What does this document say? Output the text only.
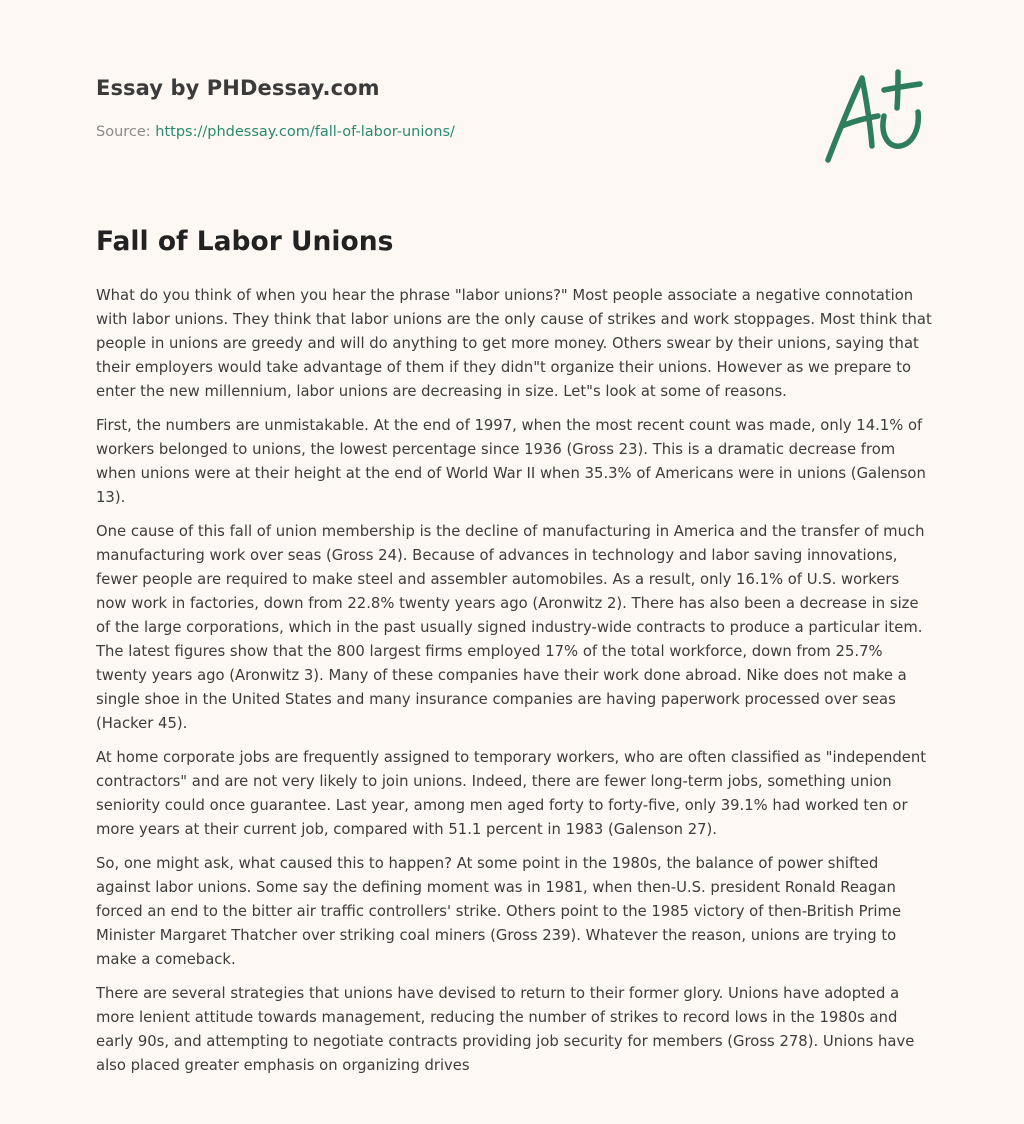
Essay by PHDessay.com
Source: https://phdessay.com/fall-of-labor-unions/
Fall of Labor Unions

What do you think of when you hear the phrase "labor unions?" Most people associate a negative connotation with labor unions. They think that labor unions are the only cause of strikes and work stoppages. Most think that people in unions are greedy and will do anything to get more money. Others swear by their unions, saying that their employers would take advantage of them if they didn"t organize their unions. However as we prepare to enter the new millennium, labor unions are decreasing in size. Let"s look at some of reasons.

First, the numbers are unmistakable. At the end of 1997, when the most recent count was made, only 14.1% of workers belonged to unions, the lowest percentage since 1936 (Gross 23). This is a dramatic decrease from when unions were at their height at the end of World War II when 35.3% of Americans were in unions (Galenson 13).

One cause of this fall of union membership is the decline of manufacturing in America and the transfer of much manufacturing work over seas (Gross 24). Because of advances in technology and labor saving innovations, fewer people are required to make steel and assembler automobiles. As a result, only 16.1% of U.S. workers now work in factories, down from 22.8% twenty years ago (Aronwitz 2). There has also been a decrease in size of the large corporations, which in the past usually signed industry-wide contracts to produce a particular item. The latest figures show that the 800 largest firms employed 17% of the total workforce, down from 25.7% twenty years ago (Aronwitz 3). Many of these companies have their work done abroad. Nike does not make a single shoe in the United States and many insurance companies are having paperwork processed over seas (Hacker 45).

At home corporate jobs are frequently assigned to temporary workers, who are often classified as "independent contractors" and are not very likely to join unions. Indeed, there are fewer long-term jobs, something union seniority could once guarantee. Last year, among men aged forty to forty-five, only 39.1% had worked ten or more years at their current job, compared with 51.1 percent in 1983 (Galenson 27).

So, one might ask, what caused this to happen? At some point in the 1980s, the balance of power shifted against labor unions. Some say the defining moment was in 1981, when then-U.S. president Ronald Reagan forced an end to the bitter air traffic controllers' strike. Others point to the 1985 victory of then-British Prime Minister Margaret Thatcher over striking coal miners (Gross 239). Whatever the reason, unions are trying to make a comeback.

There are several strategies that unions have devised to return to their former glory. Unions have adopted a more lenient attitude towards management, reducing the number of strikes to record lows in the 1980s and early 90s, and attempting to negotiate contracts providing job security for members (Gross 278). Unions have also placed greater emphasis on organizing drives
